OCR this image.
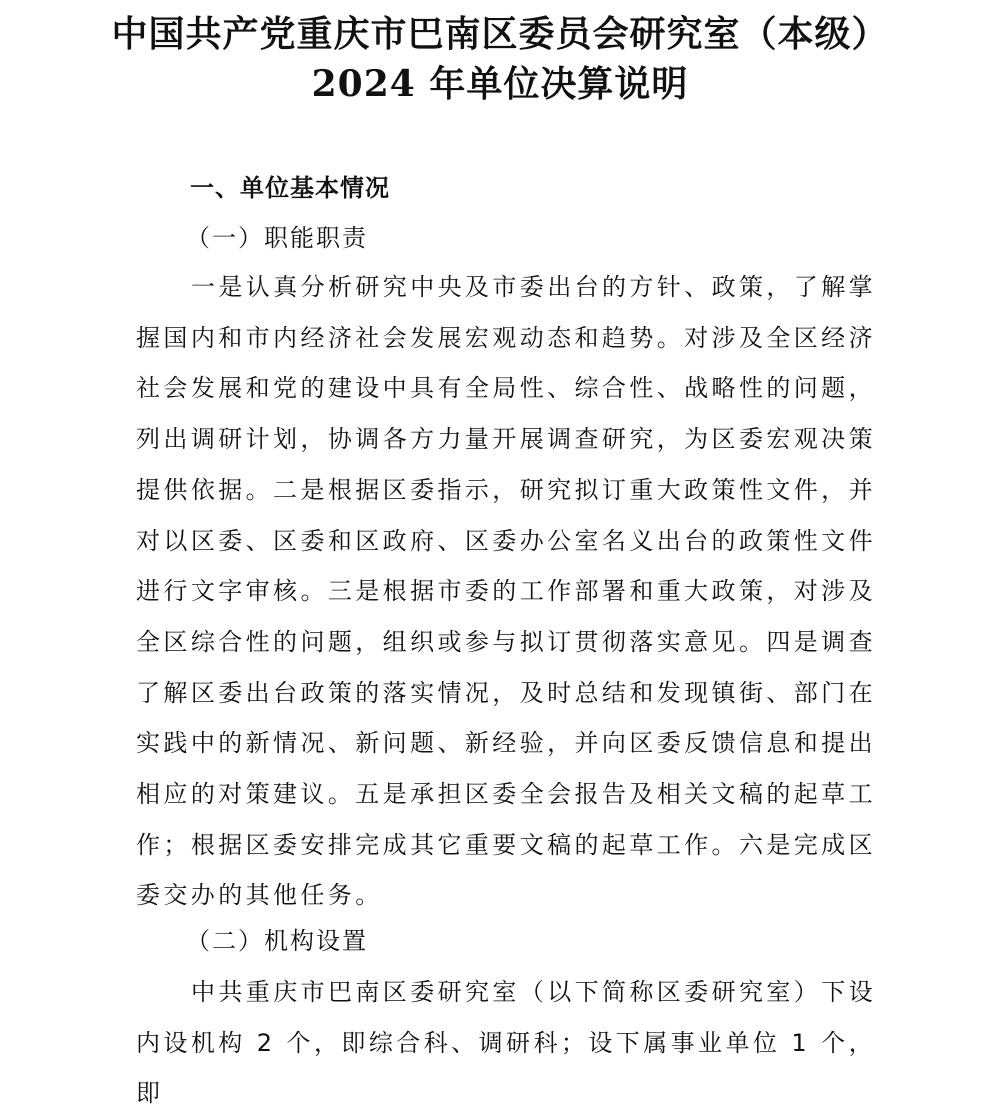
中国共产党重庆市巴南区委员会研究室（本级）
2024 年单位决算说明
一、单位基本情况
（一）职能职责

一是认真分析研究中央及市委出台的方针、政策，了解掌握国内和市内经济社会发展宏观动态和趋势。对涉及全区经济社会发展和党的建设中具有全局性、综合性、战略性的问题，列出调研计划，协调各方力量开展调查研究，为区委宏观决策提供依据。二是根据区委指示，研究拟订重大政策性文件，并对以区委、区委和区政府、区委办公室名义出台的政策性文件进行文字审核。三是根据市委的工作部署和重大政策，对涉及全区综合性的问题，组织或参与拟订贯彻落实意见。四是调查了解区委出台政策的落实情况，及时总结和发现镇街、部门在实践中的新情况、新问题、新经验，并向区委反馈信息和提出相应的对策建议。五是承担区委全会报告及相关文稿的起草工作；根据区委安排完成其它重要文稿的起草工作。六是完成区委交办的其他任务。

（二）机构设置

中共重庆市巴南区委研究室（以下简称区委研究室）下设内设机构 2 个，即综合科、调研科；设下属事业单位 1 个，即
